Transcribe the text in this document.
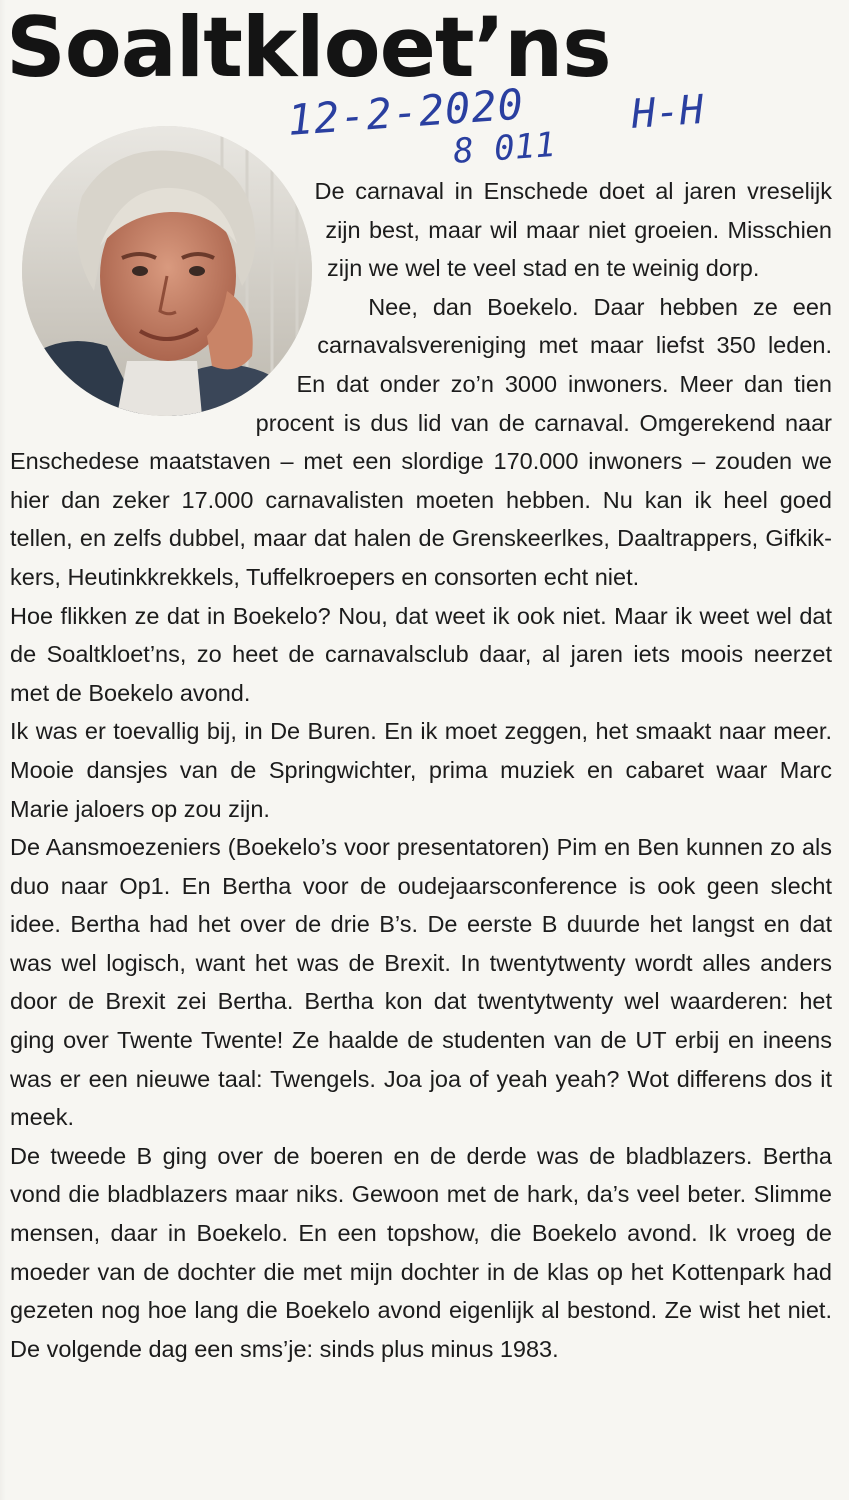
Soaltkloet’ns
12-2-2020	H-H
8 011

De carnaval in Enschede doet al jaren vreselijk zijn best, maar wil maar niet groeien. Misschien zijn we wel te veel stad en te weinig dorp.

Nee, dan Boekelo. Daar hebben ze een carnavalsvereniging met maar liefst 350 leden. En dat onder zo’n 3000 inwoners. Meer dan tien procent is dus lid van de carnaval. Omgerekend naar Enschedese maatstaven – met een slordige 170.000 inwoners – zouden we hier dan zeker 17.000 carnavalisten moeten hebben. Nu kan ik heel goed tellen, en zelfs dubbel, maar dat halen de Grenskeerlkes, Daaltrappers, Gifkikkers, Heutinkkrekkels, Tuffelkroepers en consorten echt niet.

Hoe flikken ze dat in Boekelo? Nou, dat weet ik ook niet. Maar ik weet wel dat de Soaltkloet’ns, zo heet de carnavalsclub daar, al jaren iets moois neerzet met de Boekelo avond.

Ik was er toevallig bij, in De Buren. En ik moet zeggen, het smaakt naar meer. Mooie dansjes van de Springwichter, prima muziek en cabaret waar Marc Marie jaloers op zou zijn.

De Aansmoezeniers (Boekelo’s voor presentatoren) Pim en Ben kunnen zo als duo naar Op1. En Bertha voor de oudejaarsconference is ook geen slecht idee. Bertha had het over de drie B’s. De eerste B duurde het langst en dat was wel logisch, want het was de Brexit. In twentytwenty wordt alles anders door de Brexit zei Bertha. Bertha kon dat twentytwenty wel waarderen: het ging over Twente Twente! Ze haalde de studenten van de UT erbij en ineens was er een nieuwe taal: Twengels. Joa joa of yeah yeah? Wot differens dos it meek.

De tweede B ging over de boeren en de derde was de bladblazers. Bertha vond die bladblazers maar niks. Gewoon met de hark, da’s veel beter. Slimme mensen, daar in Boekelo. En een topshow, die Boekelo avond. Ik vroeg de moeder van de dochter die met mijn dochter in de klas op het Kottenpark had gezeten nog hoe lang die Boekelo avond eigenlijk al bestond. Ze wist het niet. De volgende dag een sms’je: sinds plus minus 1983.
